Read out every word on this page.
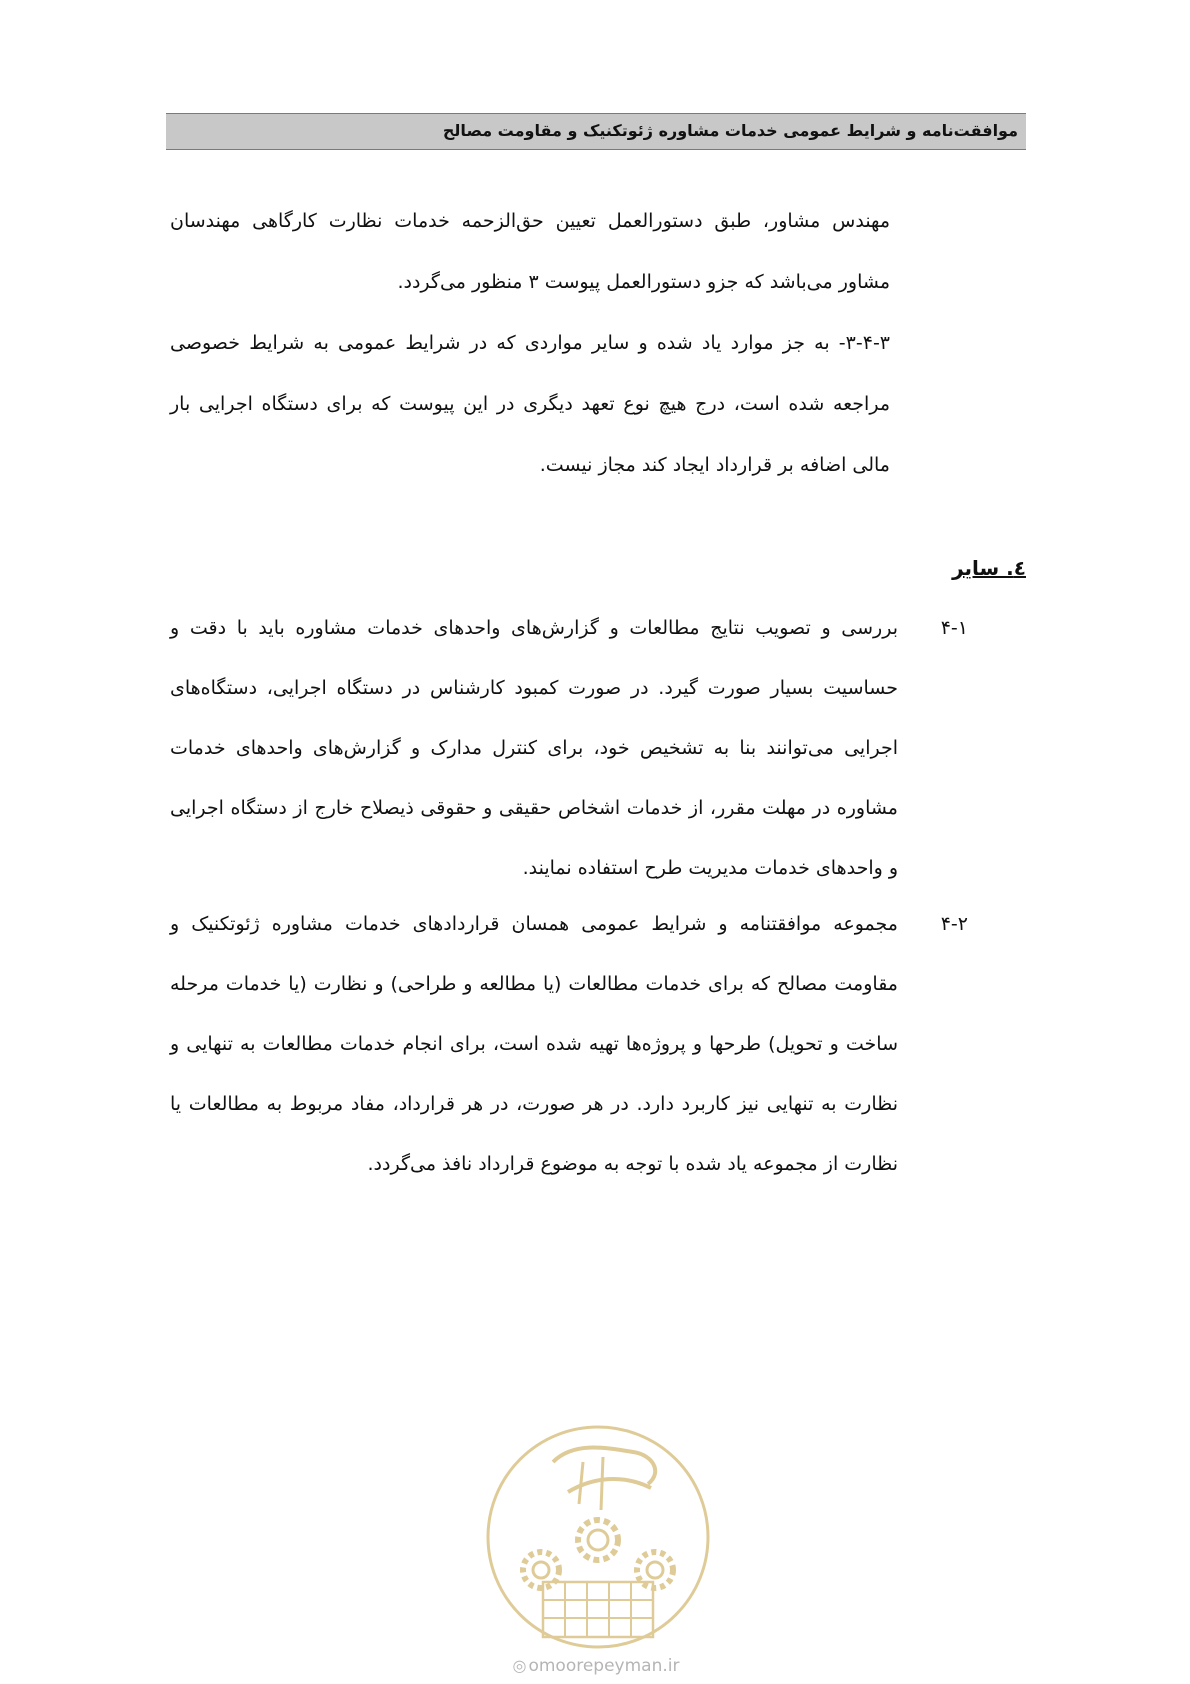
موافقت‌نامه و شرایط عمومی خدمات مشاوره ژئوتکنیک و مقاومت مصالح
مهندس مشاور، طبق دستورالعمل تعیین حق‌الزحمه خدمات نظارت کارگاهی مهندسان مشاور می‌باشد که جزو دستورالعمل پیوست ۳ منظور می‌گردد.
۳-۴-۳- به جز موارد یاد شده و سایر مواردی که در شرایط عمومی به شرایط خصوصی مراجعه شده است، درج هیچ نوع تعهد دیگری در این پیوست که برای دستگاه اجرایی بار مالی اضافه بر قرارداد ایجاد کند مجاز نیست.
٤. سایر
۴-۱
بررسی و تصویب نتایج مطالعات و گزارش‌های واحدهای خدمات مشاوره باید با دقت و حساسیت بسیار صورت گیرد. در صورت کمبود کارشناس در دستگاه اجرایی، دستگاه‌های اجرایی می‌توانند بنا به تشخیص خود، برای کنترل مدارک و گزارش‌های واحدهای خدمات مشاوره در مهلت مقرر، از خدمات اشخاص حقیقی و حقوقی ذیصلاح خارج از دستگاه اجرایی و واحدهای خدمات مدیریت طرح استفاده نمایند.
۴-۲
مجموعه موافقتنامه و شرایط عمومی همسان قراردادهای خدمات مشاوره ژئوتکنیک و مقاومت مصالح که برای خدمات مطالعات (یا مطالعه و طراحی) و نظارت (یا خدمات مرحله ساخت و تحویل) طرحها و پروژه‌ها تهیه شده است، برای انجام خدمات مطالعات به تنهایی و نظارت به تنهایی نیز کاربرد دارد. در هر صورت، در هر قرارداد، مفاد مربوط به مطالعات یا نظارت از مجموعه یاد شده با توجه به موضوع قرارداد نافذ می‌گردد.
◎ omoorepeyman.ir
